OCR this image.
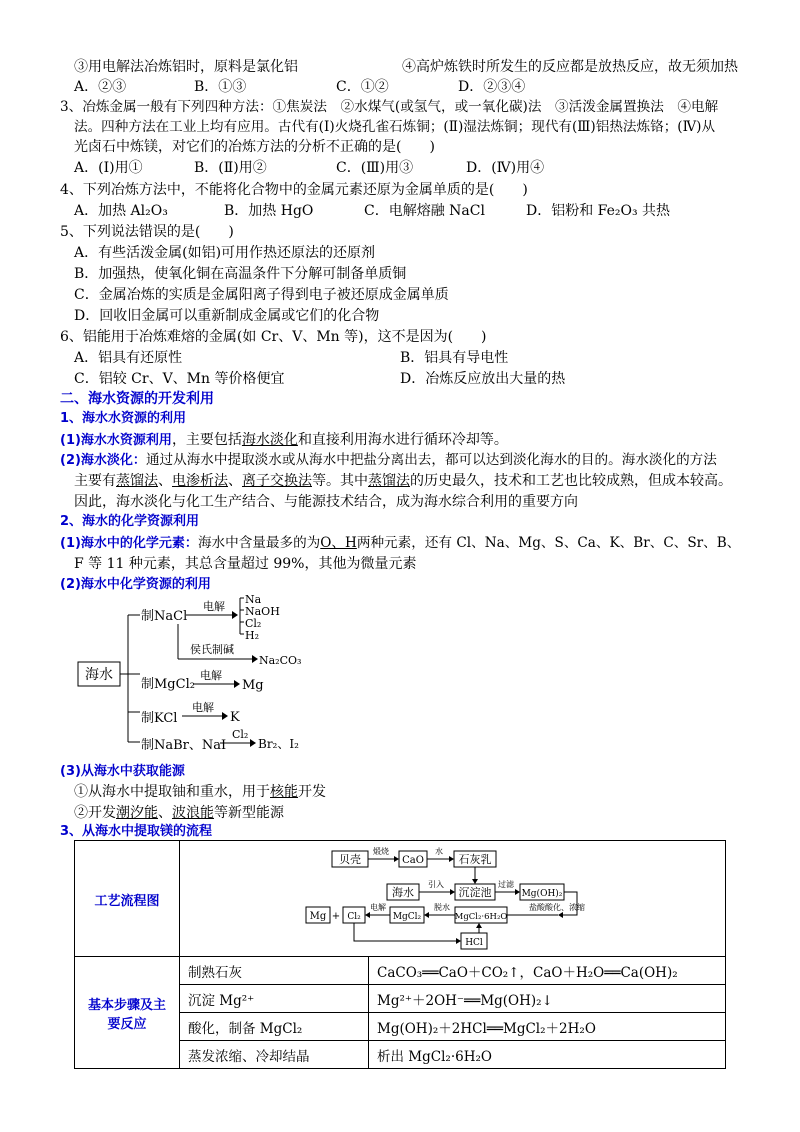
③用电解法冶炼铝时，原料是氯化铝	④高炉炼铁时所发生的反应都是放热反应，故无须加热
A．②③	B．①③	C．①②	D．②③④
3、冶炼金属一般有下列四种方法：①焦炭法　②水煤气(或氢气，或一氧化碳)法　③活泼金属置换法　④电解
法。四种方法在工业上均有应用。古代有(Ⅰ)火烧孔雀石炼铜；(Ⅱ)湿法炼铜；现代有(Ⅲ)铝热法炼铬；(Ⅳ)从
光卤石中炼镁，对它们的冶炼方法的分析不正确的是(　　)
A．(Ⅰ)用①	B．(Ⅱ)用②	C．(Ⅲ)用③	D．(Ⅳ)用④
4、下列冶炼方法中，不能将化合物中的金属元素还原为金属单质的是(　　)
A．加热 Al₂O₃	B．加热 HgO	C．电解熔融 NaCl	D．铝粉和 Fe₂O₃ 共热
5、下列说法错误的是(　　)
A．有些活泼金属(如铝)可用作热还原法的还原剂
B．加强热，使氧化铜在高温条件下分解可制备单质铜
C．金属冶炼的实质是金属阳离子得到电子被还原成金属单质
D．回收旧金属可以重新制成金属或它们的化合物
6、铝能用于冶炼难熔的金属(如 Cr、V、Mn 等)，这不是因为(　　)
A．铝具有还原性	B．铝具有导电性
C．铝较 Cr、V、Mn 等价格便宜	D．冶炼反应放出大量的热
二、海水资源的开发利用
1、海水水资源的利用
(1)海水水资源利用，主要包括海水淡化和直接利用海水进行循环冷却等。
(2)海水淡化：通过从海水中提取淡水或从海水中把盐分离出去，都可以达到淡化海水的目的。海水淡化的方法
主要有蒸馏法、电渗析法、离子交换法等。其中蒸馏法的历史最久，技术和工艺也比较成熟，但成本较高。
因此，海水淡化与化工生产结合、与能源技术结合，成为海水综合利用的重要方向
2、海水的化学资源利用
(1)海水中的化学元素：海水中含量最多的为O、H两种元素，还有 Cl、Na、Mg、S、Ca、K、Br、C、Sr、B、
F 等 11 种元素，其总含量超过 99%，其他为微量元素
(2)海水中化学资源的利用
海水
制NaCl
电解
Na
NaOH
Cl₂
H₂
侯氏制碱
Na₂CO₃
制MgCl₂
电解
Mg
制KCl
电解
K
制NaBr、NaI
Cl₂
Br₂、I₂
(3)从海水中获取能源
①从海水中提取铀和重水，用于核能开发
②开发潮汐能、波浪能等新型能源
3、从海水中提取镁的流程
工艺流程图
贝壳
煅烧
CaO
水
石灰乳
海水
引入
沉淀池
过滤
Mg(OH)₂
盐酸酸化、浓缩
Mg + Cl₂
电解
MgCl₂
脱水
MgCl₂·6H₂O
HCl
基本步骤及主要反应	制熟石灰	CaCO₃══CaO＋CO₂↑，CaO＋H₂O══Ca(OH)₂
	沉淀 Mg²⁺	Mg²⁺＋2OH⁻══Mg(OH)₂↓
	酸化，制备 MgCl₂	Mg(OH)₂＋2HCl══MgCl₂＋2H₂O
	蒸发浓缩、冷却结晶	析出 MgCl₂·6H₂O
